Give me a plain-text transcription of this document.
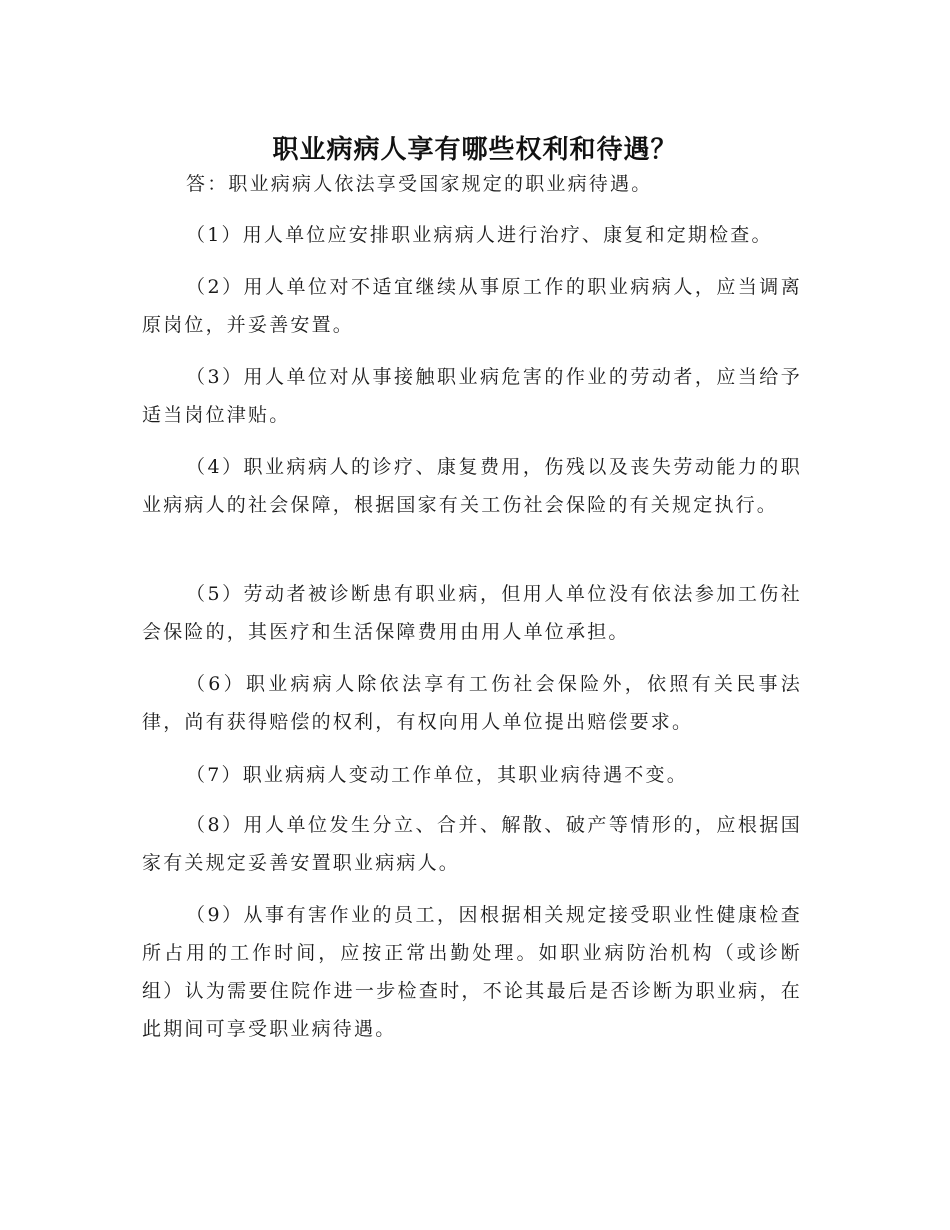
职业病病人享有哪些权利和待遇？

答：职业病病人依法享受国家规定的职业病待遇。

（1）用人单位应安排职业病病人进行治疗、康复和定期检查。

（2）用人单位对不适宜继续从事原工作的职业病病人，应当调离原岗位，并妥善安置。

（3）用人单位对从事接触职业病危害的作业的劳动者，应当给予适当岗位津贴。

（4）职业病病人的诊疗、康复费用，伤残以及丧失劳动能力的职业病病人的社会保障，根据国家有关工伤社会保险的有关规定执行。

（5）劳动者被诊断患有职业病，但用人单位没有依法参加工伤社会保险的，其医疗和生活保障费用由用人单位承担。

（6）职业病病人除依法享有工伤社会保险外，依照有关民事法律，尚有获得赔偿的权利，有权向用人单位提出赔偿要求。

（7）职业病病人变动工作单位，其职业病待遇不变。

（8）用人单位发生分立、合并、解散、破产等情形的，应根据国家有关规定妥善安置职业病病人。

（9）从事有害作业的员工，因根据相关规定接受职业性健康检查所占用的工作时间，应按正常出勤处理。如职业病防治机构（或诊断组）认为需要住院作进一步检查时，不论其最后是否诊断为职业病，在此期间可享受职业病待遇。
